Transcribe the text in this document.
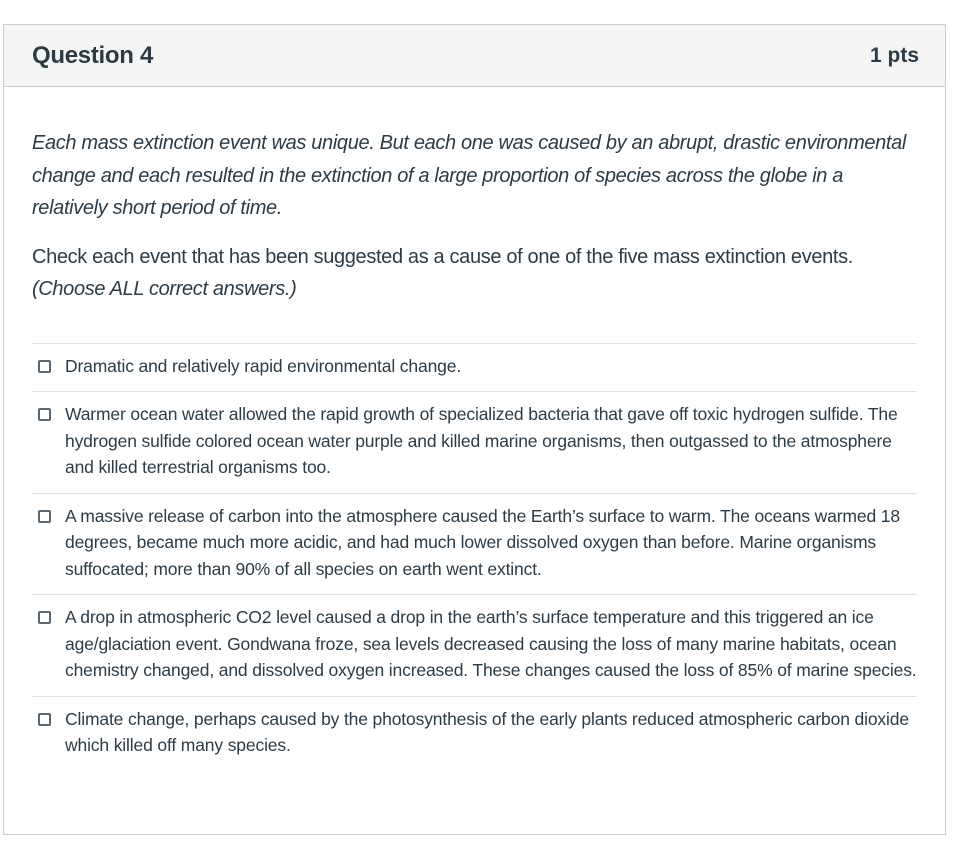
Question 4	1 pts

Each mass extinction event was unique. But each one was caused by an abrupt, drastic environmental change and each resulted in the extinction of a large proportion of species across the globe in a relatively short period of time.

Check each event that has been suggested as a cause of one of the five mass extinction events. (Choose ALL correct answers.)

Dramatic and relatively rapid environmental change.
Warmer ocean water allowed the rapid growth of specialized bacteria that gave off toxic hydrogen sulfide. The hydrogen sulfide colored ocean water purple and killed marine organisms, then outgassed to the atmosphere and killed terrestrial organisms too.
A massive release of carbon into the atmosphere caused the Earth’s surface to warm. The oceans warmed 18 degrees, became much more acidic, and had much lower dissolved oxygen than before. Marine organisms suffocated; more than 90% of all species on earth went extinct.
A drop in atmospheric CO2 level caused a drop in the earth’s surface temperature and this triggered an ice age/glaciation event. Gondwana froze, sea levels decreased causing the loss of many marine habitats, ocean chemistry changed, and dissolved oxygen increased. These changes caused the loss of 85% of marine species.
Climate change, perhaps caused by the photosynthesis of the early plants reduced atmospheric carbon dioxide which killed off many species.
